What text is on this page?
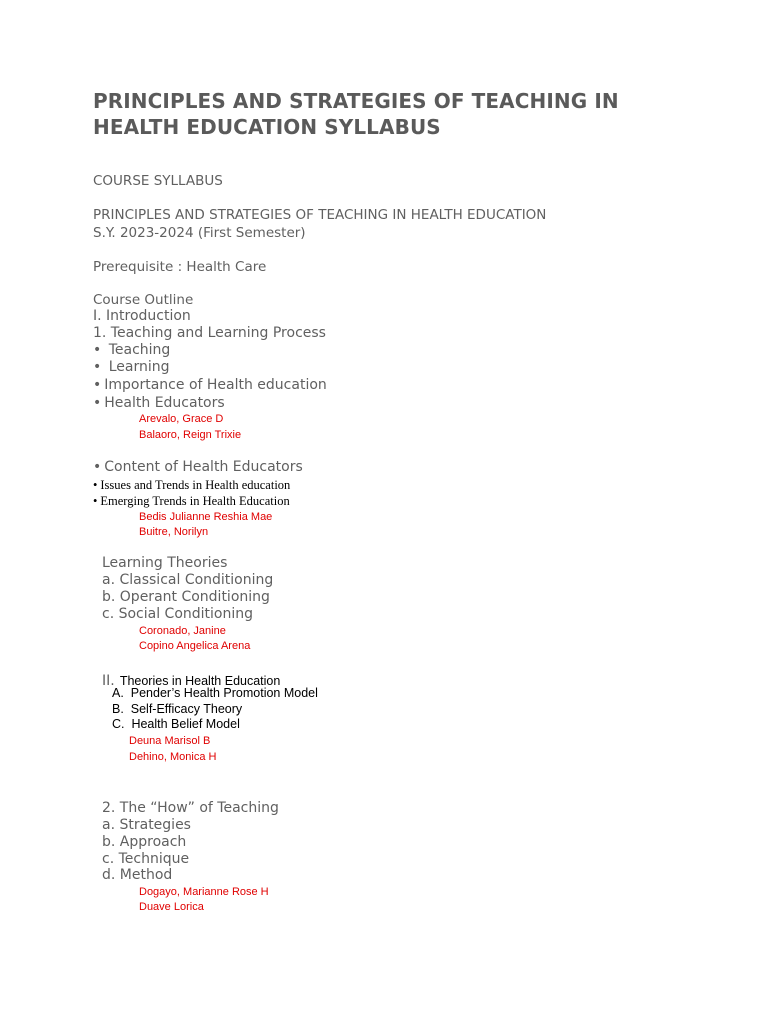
PRINCIPLES AND STRATEGIES OF TEACHING IN
HEALTH EDUCATION SYLLABUS
COURSE SYLLABUS
PRINCIPLES AND STRATEGIES OF TEACHING IN HEALTH EDUCATION
S.Y. 2023-2024 (First Semester)
Prerequisite : Health Care
Course Outline
I. Introduction
1. Teaching and Learning Process
• Teaching
• Learning
• Importance of Health education
• Health Educators
Arevalo, Grace D
Balaoro, Reign Trixie
• Content of Health Educators
• Issues and Trends in Health education
• Emerging Trends in Health Education
Bedis Julianne Reshia Mae
Buitre, Norilyn
Learning Theories
a. Classical Conditioning
b. Operant Conditioning
c. Social Conditioning
Coronado, Janine
Copino Angelica Arena
II. Theories in Health Education
A. Pender’s Health Promotion Model
B. Self-Efficacy Theory
C. Health Belief Model
Deuna Marisol B
Dehino, Monica H
2. The “How” of Teaching
a. Strategies
b. Approach
c. Technique
d. Method
Dogayo, Marianne Rose H
Duave Lorica
